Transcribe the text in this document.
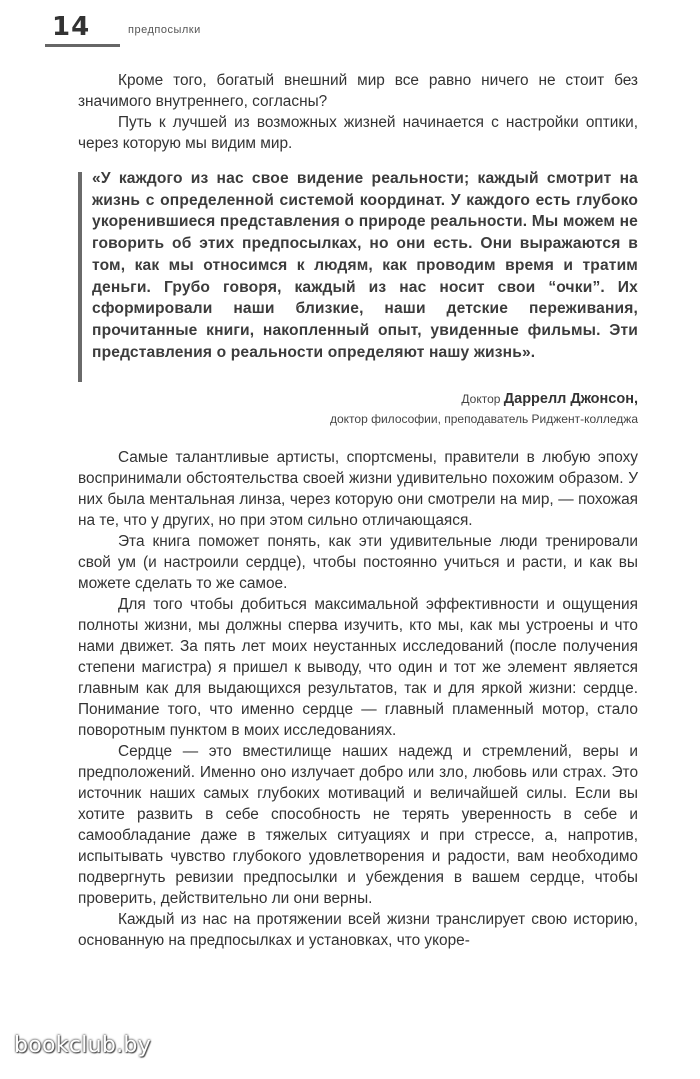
14	предпосылки

Кроме того, богатый внешний мир все равно ничего не стоит без значимого внутреннего, согласны?

Путь к лучшей из возможных жизней начинается с настройки оптики, через которую мы видим мир.

«У каждого из нас свое видение реальности; каждый смотрит на жизнь с определенной системой координат. У каждого есть глубоко укоренившиеся представления о природе реальности. Мы можем не говорить об этих предпосылках, но они есть. Они выражаются в том, как мы относимся к людям, как проводим время и тратим деньги. Грубо говоря, каждый из нас носит свои “очки”. Их сформировали наши близкие, наши детские переживания, прочитанные книги, накопленный опыт, увиденные фильмы. Эти представления о реальности определяют нашу жизнь».

Доктор Даррелл Джонсон,
доктор философии, преподаватель Риджент-колледжа

Самые талантливые артисты, спортсмены, правители в любую эпоху воспринимали обстоятельства своей жизни удивительно похожим образом. У них была ментальная линза, через которую они смотрели на мир, — похожая на те, что у других, но при этом сильно отличающаяся.

Эта книга поможет понять, как эти удивительные люди тренировали свой ум (и настроили сердце), чтобы постоянно учиться и расти, и как вы можете сделать то же самое.

Для того чтобы добиться максимальной эффективности и ощущения полноты жизни, мы должны сперва изучить, кто мы, как мы устроены и что нами движет. За пять лет моих неустанных исследований (после получения степени магистра) я пришел к выводу, что один и тот же элемент является главным как для выдающихся результатов, так и для яркой жизни: сердце. Понимание того, что именно сердце — главный пламенный мотор, стало поворотным пунктом в моих исследованиях.

Сердце — это вместилище наших надежд и стремлений, веры и предположений. Именно оно излучает добро или зло, любовь или страх. Это источник наших самых глубоких мотиваций и величайшей силы. Если вы хотите развить в себе способность не терять уверенность в себе и самообладание даже в тяжелых ситуациях и при стрессе, а, напротив, испытывать чувство глубокого удовлетворения и радости, вам необходимо подвергнуть ревизии предпосылки и убеждения в вашем сердце, чтобы проверить, действительно ли они верны.

Каждый из нас на протяжении всей жизни транслирует свою историю, основанную на предпосылках и установках, что укоре-

bookclub.by
